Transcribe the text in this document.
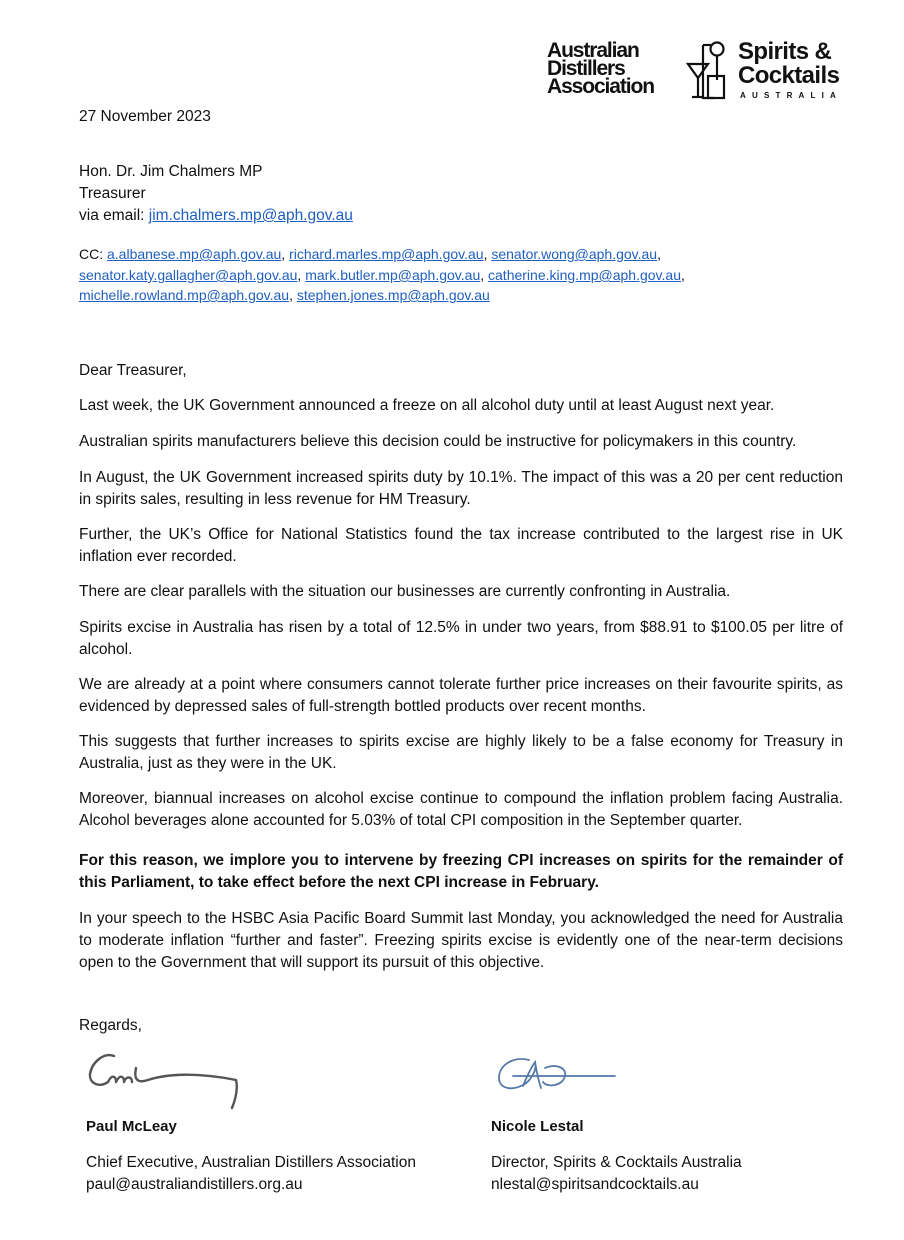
Australian
Distillers
Association
Spirits &
Cocktails
AUSTRALIA
27 November 2023
Hon. Dr. Jim Chalmers MP
Treasurer
via email: jim.chalmers.mp@aph.gov.au
CC: a.albanese.mp@aph.gov.au, richard.marles.mp@aph.gov.au, senator.wong@aph.gov.au,
senator.katy.gallagher@aph.gov.au, mark.butler.mp@aph.gov.au, catherine.king.mp@aph.gov.au,
michelle.rowland.mp@aph.gov.au, stephen.jones.mp@aph.gov.au
Dear Treasurer,
Last week, the UK Government announced a freeze on all alcohol duty until at least August next year.
Australian spirits manufacturers believe this decision could be instructive for policymakers in this country.
In August, the UK Government increased spirits duty by 10.1%. The impact of this was a 20 per cent reduction in spirits sales, resulting in less revenue for HM Treasury.
Further, the UK’s Office for National Statistics found the tax increase contributed to the largest rise in UK inflation ever recorded.
There are clear parallels with the situation our businesses are currently confronting in Australia.
Spirits excise in Australia has risen by a total of 12.5% in under two years, from $88.91 to $100.05 per litre of alcohol.
We are already at a point where consumers cannot tolerate further price increases on their favourite spirits, as evidenced by depressed sales of full-strength bottled products over recent months.
This suggests that further increases to spirits excise are highly likely to be a false economy for Treasury in Australia, just as they were in the UK.
Moreover, biannual increases on alcohol excise continue to compound the inflation problem facing Australia. Alcohol beverages alone accounted for 5.03% of total CPI composition in the September quarter.
For this reason, we implore you to intervene by freezing CPI increases on spirits for the remainder of this Parliament, to take effect before the next CPI increase in February.
In your speech to the HSBC Asia Pacific Board Summit last Monday, you acknowledged the need for Australia to moderate inflation “further and faster”. Freezing spirits excise is evidently one of the near-term decisions open to the Government that will support its pursuit of this objective.
Regards,
Paul McLeay
Chief Executive, Australian Distillers Association
paul@australiandistillers.org.au
Nicole Lestal
Director, Spirits & Cocktails Australia
nlestal@spiritsandcocktails.au
